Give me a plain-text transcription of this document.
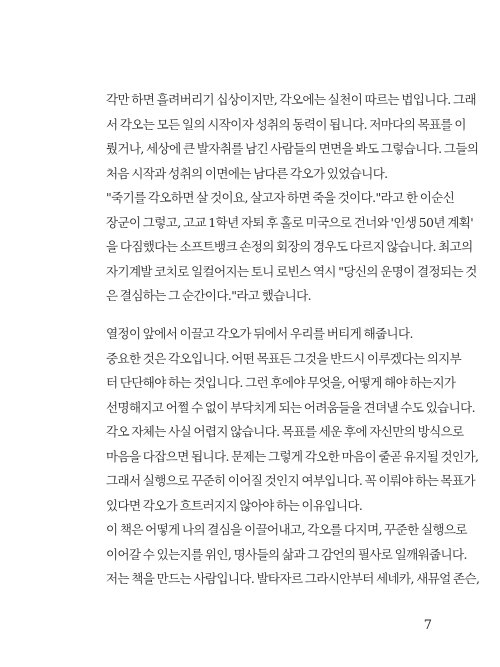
각만 하면 흘려버리기 십상이지만, 각오에는 실천이 따르는 법입니다. 그래
서 각오는 모든 일의 시작이자 성취의 동력이 됩니다. 저마다의 목표를 이
뤘거나, 세상에 큰 발자취를 남긴 사람들의 면면을 봐도 그렇습니다. 그들의
처음 시작과 성취의 이면에는 남다른 각오가 있었습니다.
"죽기를 각오하면 살 것이요, 살고자 하면 죽을 것이다."라고 한 이순신
장군이 그렇고, 고교 1학년 자퇴 후 홀로 미국으로 건너와 '인생 50년 계획'
을 다짐했다는 소프트뱅크 손정의 회장의 경우도 다르지 않습니다. 최고의
자기계발 코치로 일컬어지는 토니 로빈스 역시 "당신의 운명이 결정되는 것
은 결심하는 그 순간이다."라고 했습니다.
열정이 앞에서 이끌고 각오가 뒤에서 우리를 버티게 해줍니다.
중요한 것은 각오입니다. 어떤 목표든 그것을 반드시 이루겠다는 의지부
터 단단해야 하는 것입니다. 그런 후에야 무엇을, 어떻게 해야 하는지가
선명해지고 어쩔 수 없이 부닥치게 되는 어려움들을 견뎌낼 수도 있습니다.
각오 자체는 사실 어렵지 않습니다. 목표를 세운 후에 자신만의 방식으로
마음을 다잡으면 됩니다. 문제는 그렇게 각오한 마음이 줄곧 유지될 것인가,
그래서 실행으로 꾸준히 이어질 것인지 여부입니다. 꼭 이뤄야 하는 목표가
있다면 각오가 흐트러지지 않아야 하는 이유입니다.
이 책은 어떻게 나의 결심을 이끌어내고, 각오를 다지며, 꾸준한 실행으로
이어갈 수 있는지를 위인, 명사들의 삶과 그 감언의 필사로 일깨워줍니다.
저는 책을 만드는 사람입니다. 발타자르 그라시안부터 세네카, 새뮤얼 존슨,
7
